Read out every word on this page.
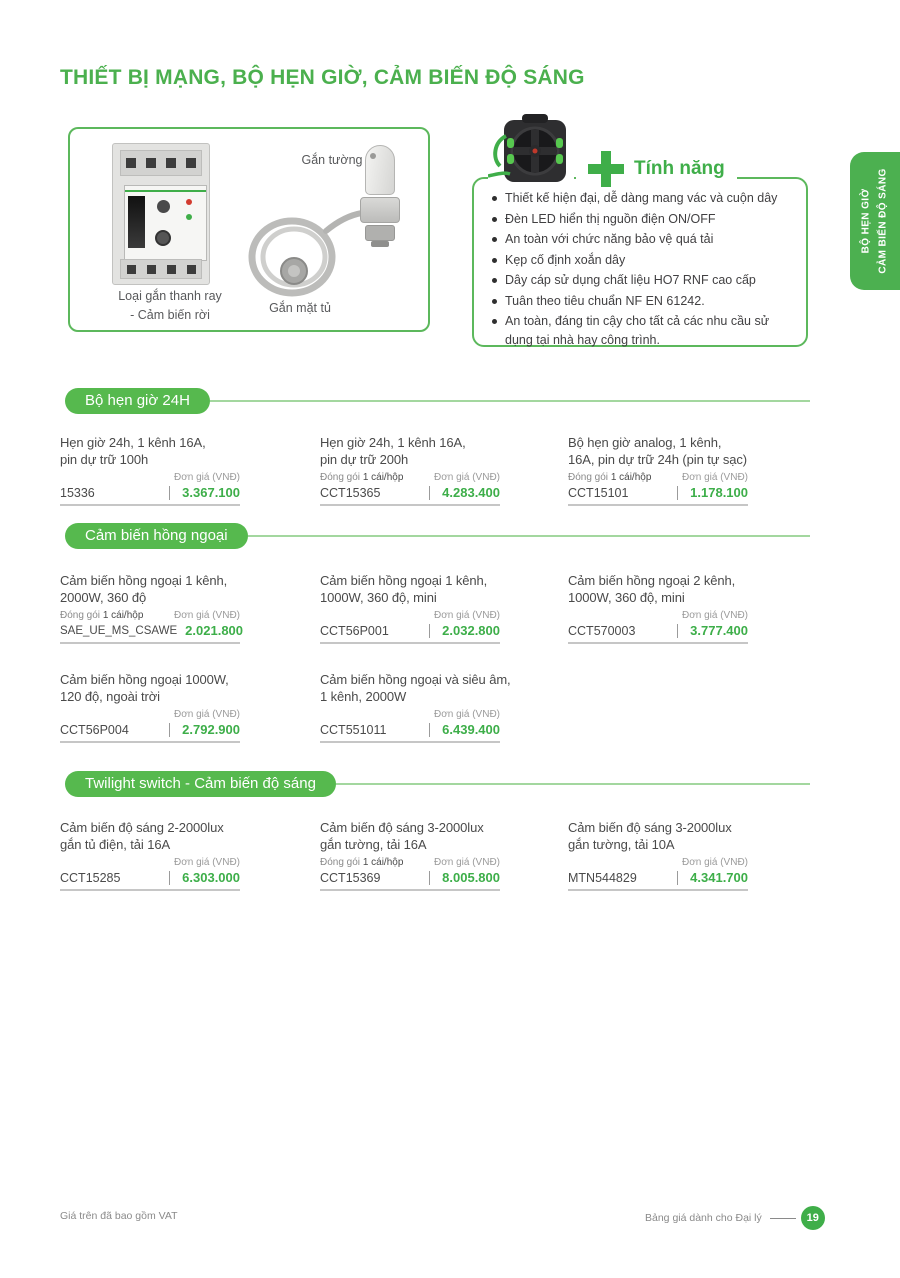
THIẾT BỊ MẠNG, BỘ HẸN GIỜ, CẢM BIẾN ĐỘ SÁNG
Loại gắn thanh ray
- Cảm biến rời
Gắn tường
Gắn mặt tủ
Thiết kế hiện đại, dễ dàng mang vác và cuộn dây
Đèn LED hiển thị nguồn điện ON/OFF
An toàn với chức năng bảo vệ quá tải
Kẹp cố định xoắn dây
Dây cáp sử dụng chất liệu HO7 RNF cao cấp
Tuân theo tiêu chuẩn NF EN 61242.
An toàn, đáng tin cậy cho tất cả các nhu cầu sử dụng tại nhà hay công trình.
Tính năng
BỘ HẸN GIỜ CẢM BIẾN ĐỘ SÁNG
Bộ hẹn giờ 24H
Hẹn giờ 24h, 1 kênh 16A,
pin dự trữ 100h
Đơn giá (VNĐ)
15336	3.367.100
Hẹn giờ 24h, 1 kênh 16A,
pin dự trữ 200h
Đóng gói 1 cái/hộp	Đơn giá (VNĐ)
CCT15365	4.283.400
Bộ hẹn giờ analog, 1 kênh,
16A, pin dự trữ 24h (pin tự sạc)
Đóng gói 1 cái/hộp	Đơn giá (VNĐ)
CCT15101	1.178.100
Cảm biến hồng ngoại
Cảm biến hồng ngoại 1 kênh,
2000W, 360 độ
Đóng gói 1 cái/hộp	Đơn giá (VNĐ)
SAE_UE_MS_CSAWE 2.021.800
Cảm biến hồng ngoại 1 kênh,
1000W, 360 độ, mini
Đơn giá (VNĐ)
CCT56P001	2.032.800
Cảm biến hồng ngoại 2 kênh,
1000W, 360 độ, mini
Đơn giá (VNĐ)
CCT570003	3.777.400
Cảm biến hồng ngoại 1000W,
120 độ, ngoài trời
Đơn giá (VNĐ)
CCT56P004	2.792.900
Cảm biến hồng ngoại và siêu âm,
1 kênh, 2000W
Đơn giá (VNĐ)
CCT551011	6.439.400
Twilight switch - Cảm biến độ sáng
Cảm biến độ sáng 2-2000lux
gắn tủ điện, tải 16A
Đơn giá (VNĐ)
CCT15285	6.303.000
Cảm biến độ sáng 3-2000lux
gắn tường, tải 16A
Đóng gói 1 cái/hộp	Đơn giá (VNĐ)
CCT15369	8.005.800
Cảm biến độ sáng 3-2000lux
gắn tường, tải 10A
Đơn giá (VNĐ)
MTN544829	4.341.700
Giá trên đã bao gồm VAT	Bảng giá dành cho Đại lý	19
